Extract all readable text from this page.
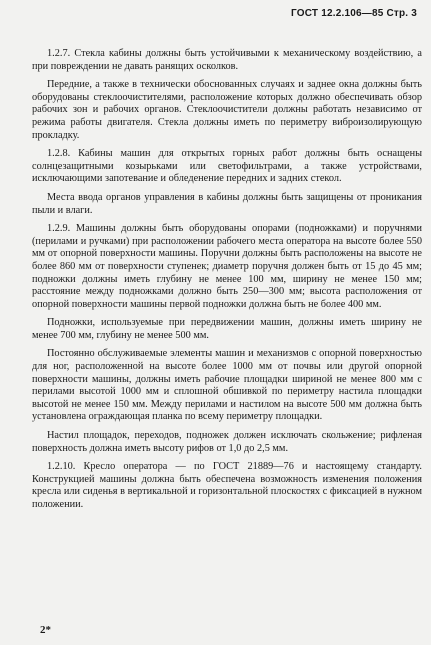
ГОСТ 12.2.106—85 Стр. 3

1.2.7. Стекла кабины должны быть устойчивыми к механическому воздействию, а при повреждении не давать ранящих осколков.

Передние, а также в технически обоснованных случаях и заднее окна должны быть оборудованы стеклоочистителями, расположение которых должно обеспечивать обзор рабочих зон и рабочих органов. Стеклоочистители должны работать независимо от режима работы двигателя. Стекла должны иметь по периметру виброизолирующую прокладку.

1.2.8. Кабины машин для открытых горных работ должны быть оснащены солнцезащитными козырьками или светофильтрами, а также устройствами, исключающими запотевание и обледенение передних и задних стекол.

Места ввода органов управления в кабины должны быть защищены от проникания пыли и влаги.

1.2.9. Машины должны быть оборудованы опорами (подножками) и поручнями (перилами и ручками) при расположении рабочего места оператора на высоте более 550 мм от опорной поверхности машины. Поручни должны быть расположены на высоте не более 860 мм от поверхности ступенек; диаметр поручня должен быть от 15 до 45 мм; подножки должны иметь глубину не менее 100 мм, ширину не менее 150 мм; расстояние между подножками должно быть 250—300 мм; высота расположения от опорной поверхности машины первой подножки должна быть не более 400 мм.

Подножки, используемые при передвижении машин, должны иметь ширину не менее 700 мм, глубину не менее 500 мм.

Постоянно обслуживаемые элементы машин и механизмов с опорной поверхностью для ног, расположенной на высоте более 1000 мм от почвы или другой опорной поверхности машины, должны иметь рабочие площадки шириной не менее 800 мм с перилами высотой 1000 мм и сплошной обшивкой по периметру настила площадки высотой не менее 150 мм. Между перилами и настилом на высоте 500 мм должна быть установлена ограждающая планка по всему периметру площадки.

Настил площадок, переходов, подножек должен исключать скольжение; рифленая поверхность должна иметь высоту рифов от 1,0 до 2,5 мм.

1.2.10. Кресло оператора — по ГОСТ 21889—76 и настоящему стандарту. Конструкцией машины должна быть обеспечена возможность изменения положения кресла или сиденья в вертикальной и горизонтальной плоскостях с фиксацией в нужном положении.

2*
